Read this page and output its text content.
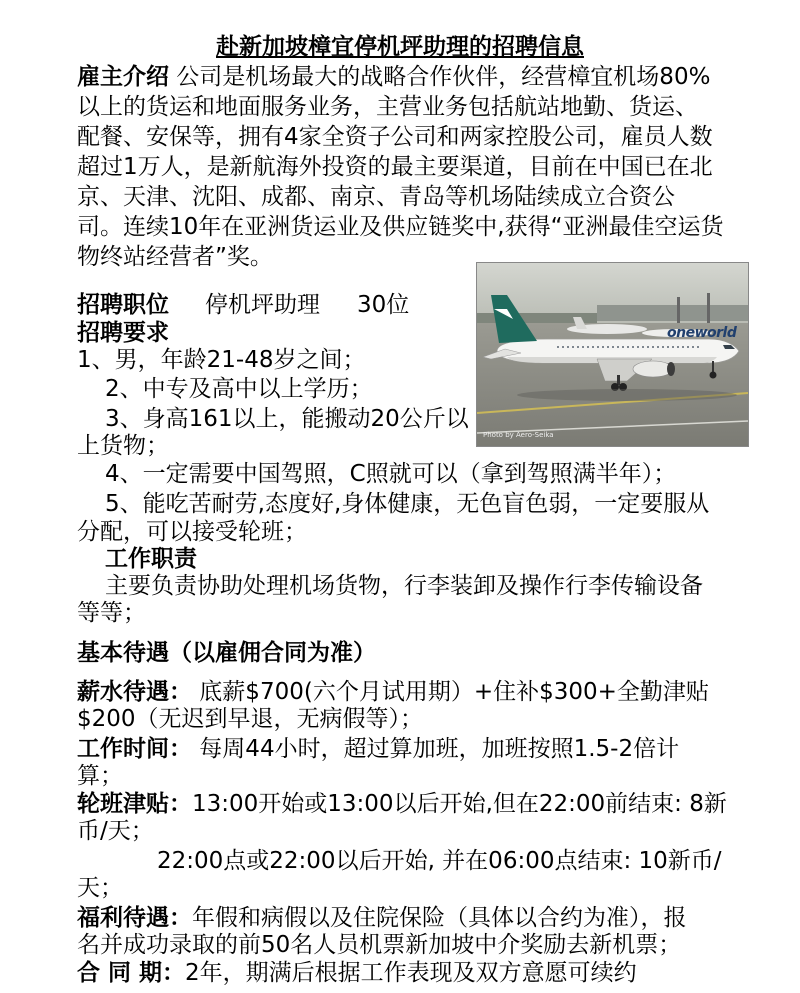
赴新加坡樟宜停机坪助理的招聘信息
雇主介绍 公司是机场最大的战略合作伙伴，经营樟宜机场80%
以上的货运和地面服务业务，主营业务包括航站地勤、货运、
配餐、安保等，拥有4家全资子公司和两家控股公司，雇员人数
超过1万人，是新航海外投资的最主要渠道，目前在中国已在北
京、天津、沈阳、成都、南京、青岛等机场陆续成立合资公
司。连续10年在亚洲货运业及供应链奖中,获得“亚洲最佳空运货
物终站经营者”奖。
oneworld
Photo by Aero-Seika
招聘职位 停机坪助理 30位
招聘要求
1、男，年龄21-48岁之间；
2、中专及高中以上学历；
3、身高161以上，能搬动20公斤以
上货物；
4、一定需要中国驾照，C照就可以（拿到驾照满半年）；
5、能吃苦耐劳,态度好,身体健康，无色盲色弱，一定要服从
分配，可以接受轮班；
工作职责
主要负责协助处理机场货物，行李装卸及操作行李传输设备
等等；
基本待遇（以雇佣合同为准）
薪水待遇： 底薪$700(六个月试用期）+住补$300+全勤津贴
$200（无迟到早退，无病假等）；
工作时间： 每周44小时，超过算加班，加班按照1.5-2倍计
算；
轮班津贴：13:00开始或13:00以后开始,但在22:00前结束: 8新
币/天；
22:00点或22:00以后开始, 并在06:00点结束: 10新币/
天；
福利待遇：年假和病假以及住院保险（具体以合约为准），报
名并成功录取的前50名人员机票新加坡中介奖励去新机票；
合 同 期：2年，期满后根据工作表现及双方意愿可续约
